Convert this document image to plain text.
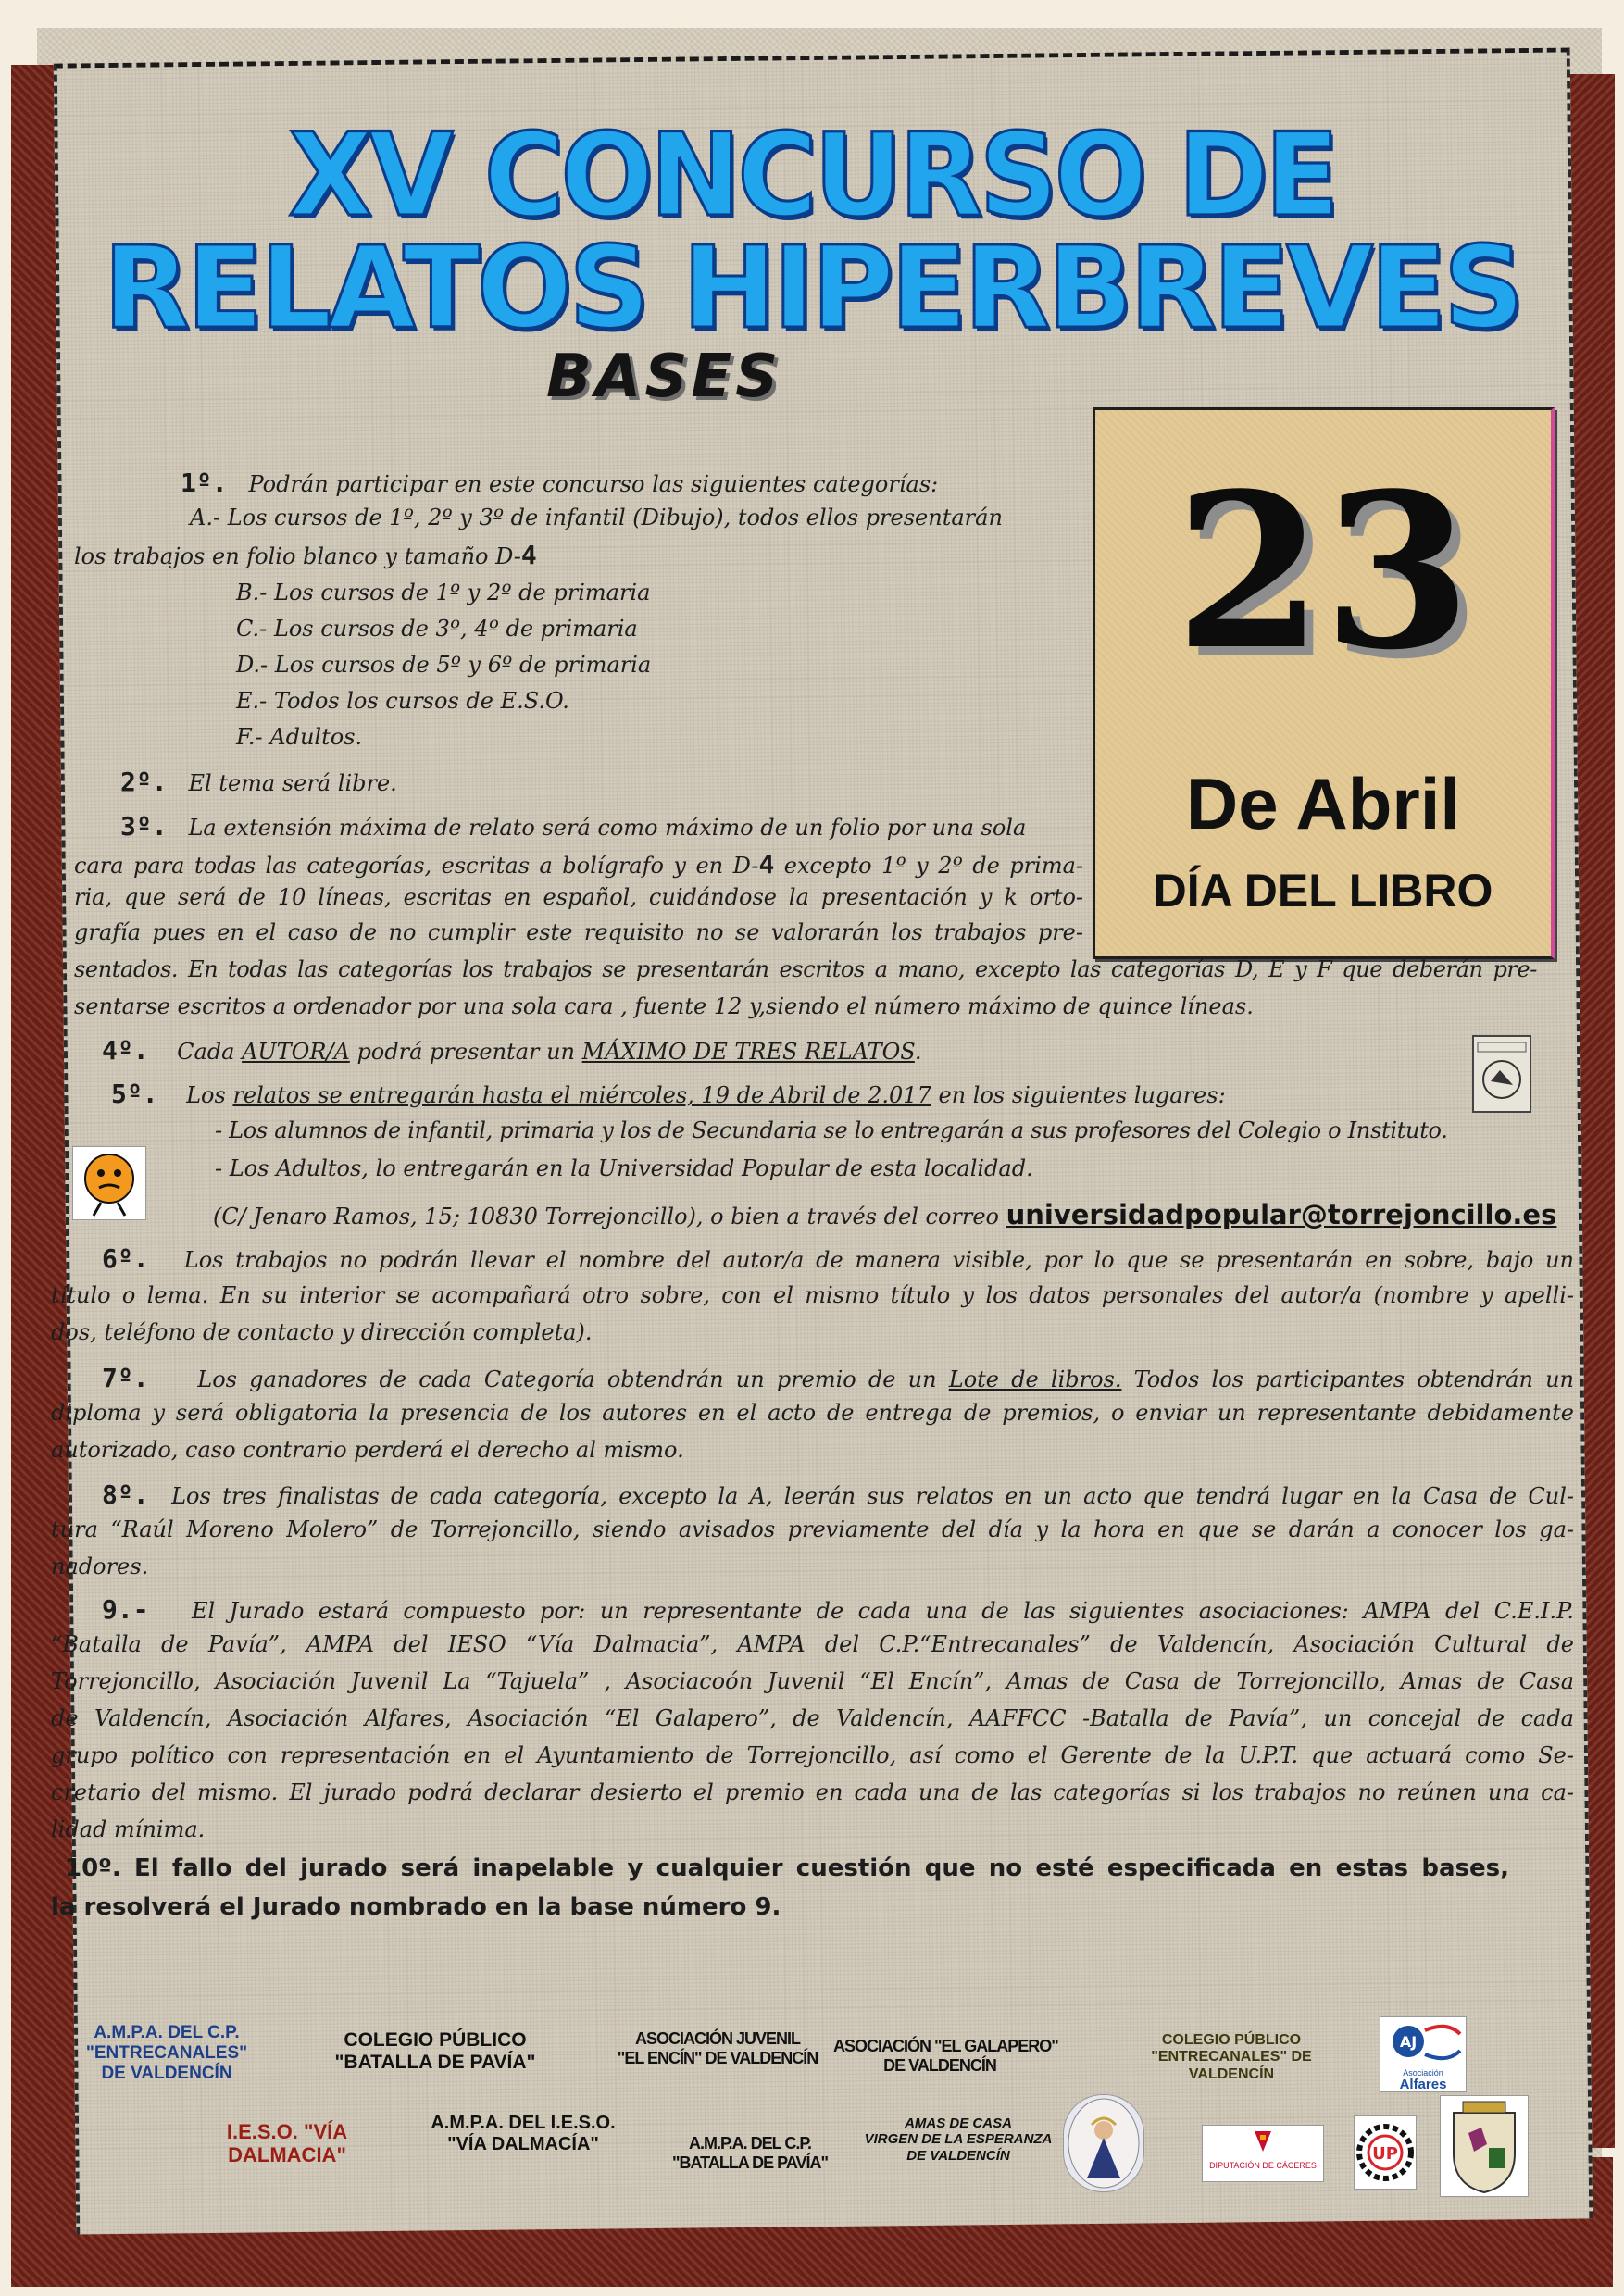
XV CONCURSO DE
RELATOS HIPERBREVES
BASES
23
De Abril
DÍA DEL LIBRO
1º. Podrán participar en este concurso las siguientes categorías:
A.- Los cursos de 1º, 2º y 3º de infantil (Dibujo), todos ellos presentarán
los trabajos en folio blanco y tamaño D-4
B.- Los cursos de 1º y 2º de primaria
C.- Los cursos de 3º, 4º de primaria
D.- Los cursos de 5º y 6º de primaria
E.- Todos los cursos de E.S.O.
F.- Adultos.
2º. El tema será libre.
3º. La extensión máxima de relato será como máximo de un folio por una sola
cara para todas las categorías, escritas a bolígrafo y en D-4 excepto 1º y 2º de prima-
ria, que será de 10 líneas, escritas en español, cuidándose la presentación y k orto-
grafía pues en el caso de no cumplir este requisito no se valorarán los trabajos pre-
sentados. En todas las categorías los trabajos se presentarán escritos a mano, excepto las categorías D, E y F que deberán pre-
sentarse escritos a ordenador por una sola cara , fuente 12 y,siendo el número máximo de quince líneas.
4º. Cada AUTOR/A podrá presentar un MÁXIMO DE TRES RELATOS.
5º. Los relatos se entregarán hasta el miércoles, 19 de Abril de 2.017 en los siguientes lugares:
- Los alumnos de infantil, primaria y los de Secundaria se lo entregarán a sus profesores del Colegio o Instituto.
- Los Adultos, lo entregarán en la Universidad Popular de esta localidad.
(C/ Jenaro Ramos, 15; 10830 Torrejoncillo), o bien a través del correo universidadpopular@torrejoncillo.es
6º. Los trabajos no podrán llevar el nombre del autor/a de manera visible, por lo que se presentarán en sobre, bajo un
título o lema. En su interior se acompañará otro sobre, con el mismo título y los datos personales del autor/a (nombre y apelli-
dos, teléfono de contacto y dirección completa).
7º. Los ganadores de cada Categoría obtendrán un premio de un Lote de libros. Todos los participantes obtendrán un
diploma y será obligatoria la presencia de los autores en el acto de entrega de premios, o enviar un representante debidamente
autorizado, caso contrario perderá el derecho al mismo.
8º. Los tres finalistas de cada categoría, excepto la A, leerán sus relatos en un acto que tendrá lugar en la Casa de Cul-
tura “Raúl Moreno Molero” de Torrejoncillo, siendo avisados previamente del día y la hora en que se darán a conocer los ga-
nadores.
9.- El Jurado estará compuesto por: un representante de cada una de las siguientes asociaciones: AMPA del C.E.I.P.
“Batalla de Pavía”, AMPA del IESO “Vía Dalmacia”, AMPA del C.P.“Entrecanales” de Valdencín, Asociación Cultural de
Torrejoncillo, Asociación Juvenil La “Tajuela” , Asociacoón Juvenil “El Encín”, Amas de Casa de Torrejoncillo, Amas de Casa
de Valdencín, Asociación Alfares, Asociación “El Galapero”, de Valdencín, AAFFCC -Batalla de Pavía”, un concejal de cada
grupo político con representación en el Ayuntamiento de Torrejoncillo, así como el Gerente de la U.P.T. que actuará como Se-
cretario del mismo. El jurado podrá declarar desierto el premio en cada una de las categorías si los trabajos no reúnen una ca-
lidad mínima.
10º. El fallo del jurado será inapelable y cualquier cuestión que no esté especificada en estas bases,
la resolverá el Jurado nombrado en la base número 9.
A.M.P.A. DEL C.P.
"ENTRECANALES"
DE VALDENCÍN
COLEGIO PÚBLICO
"BATALLA DE PAVÍA"
ASOCIACIÓN JUVENIL
"EL ENCÍN" DE VALDENCÍN
ASOCIACIÓN "EL GALAPERO"
DE VALDENCÍN
COLEGIO PÚBLICO
"ENTRECANALES" DE
VALDENCÍN
AJ
Asociación
Alfares
I.E.S.O. "VÍA
DALMACIA"
A.M.P.A. DEL I.E.S.O.
"VÍA DALMACÍA"	A.M.P.A. DEL C.P.
"BATALLA DE PAVÍA"
AMAS DE CASA
VIRGEN DE LA ESPERANZA
DE VALDENCÍN
DIPUTACIÓN DE CÁCERES
UP
